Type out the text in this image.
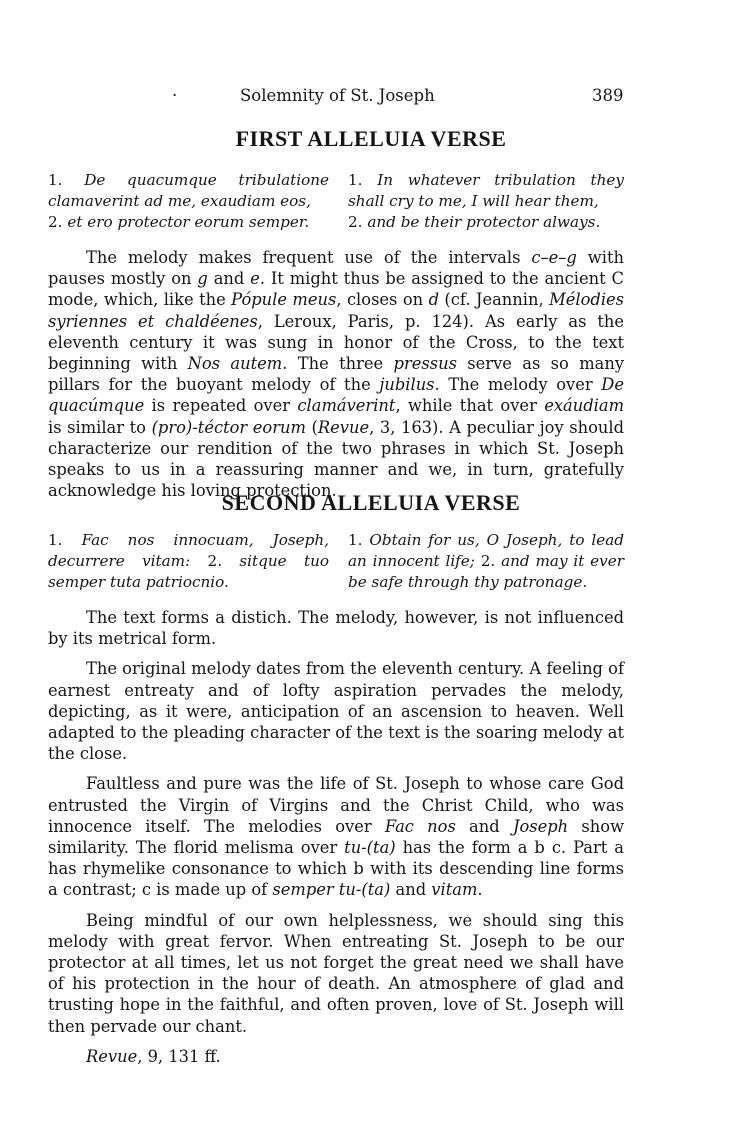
·	Solemnity of St. Joseph	389
FIRST ALLELUIA VERSE
1. De quacumque tribulatione clamaverint ad me, exaudiam eos,
2. et ero protector eorum semper.
1. In whatever tribulation they shall cry to me, I will hear them,
2. and be their protector always.

The melody makes frequent use of the intervals c–e–g with pauses mostly on g and e. It might thus be assigned to the ancient C mode, which, like the Pópule meus, closes on d (cf. Jeannin, Mélodies syriennes et chaldéenes, Leroux, Paris, p. 124). As early as the eleventh century it was sung in honor of the Cross, to the text beginning with Nos autem. The three pressus serve as so many pillars for the buoyant melody of the jubilus. The melody over De quacúmque is repeated over clamáverint, while that over exáudiam is similar to (pro)-téctor eorum (Revue, 3, 163). A peculiar joy should characterize our rendition of the two phrases in which St. Joseph speaks to us in a reassuring manner and we, in turn, gratefully acknowledge his loving protection.

SECOND ALLELUIA VERSE
1. Fac nos innocuam, Joseph, decurrere vitam: 2. sitque tuo semper tuta patriocnio.
1. Obtain for us, O Joseph, to lead an innocent life; 2. and may it ever be safe through thy patronage.

The text forms a distich. The melody, however, is not influenced by its metrical form.

The original melody dates from the eleventh century. A feeling of earnest entreaty and of lofty aspiration pervades the melody, depicting, as it were, anticipation of an ascension to heaven. Well adapted to the pleading character of the text is the soaring melody at the close.

Faultless and pure was the life of St. Joseph to whose care God entrusted the Virgin of Virgins and the Christ Child, who was innocence itself. The melodies over Fac nos and Joseph show similarity. The florid melisma over tu-(ta) has the form a b c. Part a has rhymelike consonance to which b with its descending line forms a contrast; c is made up of semper tu-(ta) and vitam.

Being mindful of our own helplessness, we should sing this melody with great fervor. When entreating St. Joseph to be our protector at all times, let us not forget the great need we shall have of his protection in the hour of death. An atmosphere of glad and trusting hope in the faithful, and often proven, love of St. Joseph will then pervade our chant.

Revue, 9, 131 ff.
